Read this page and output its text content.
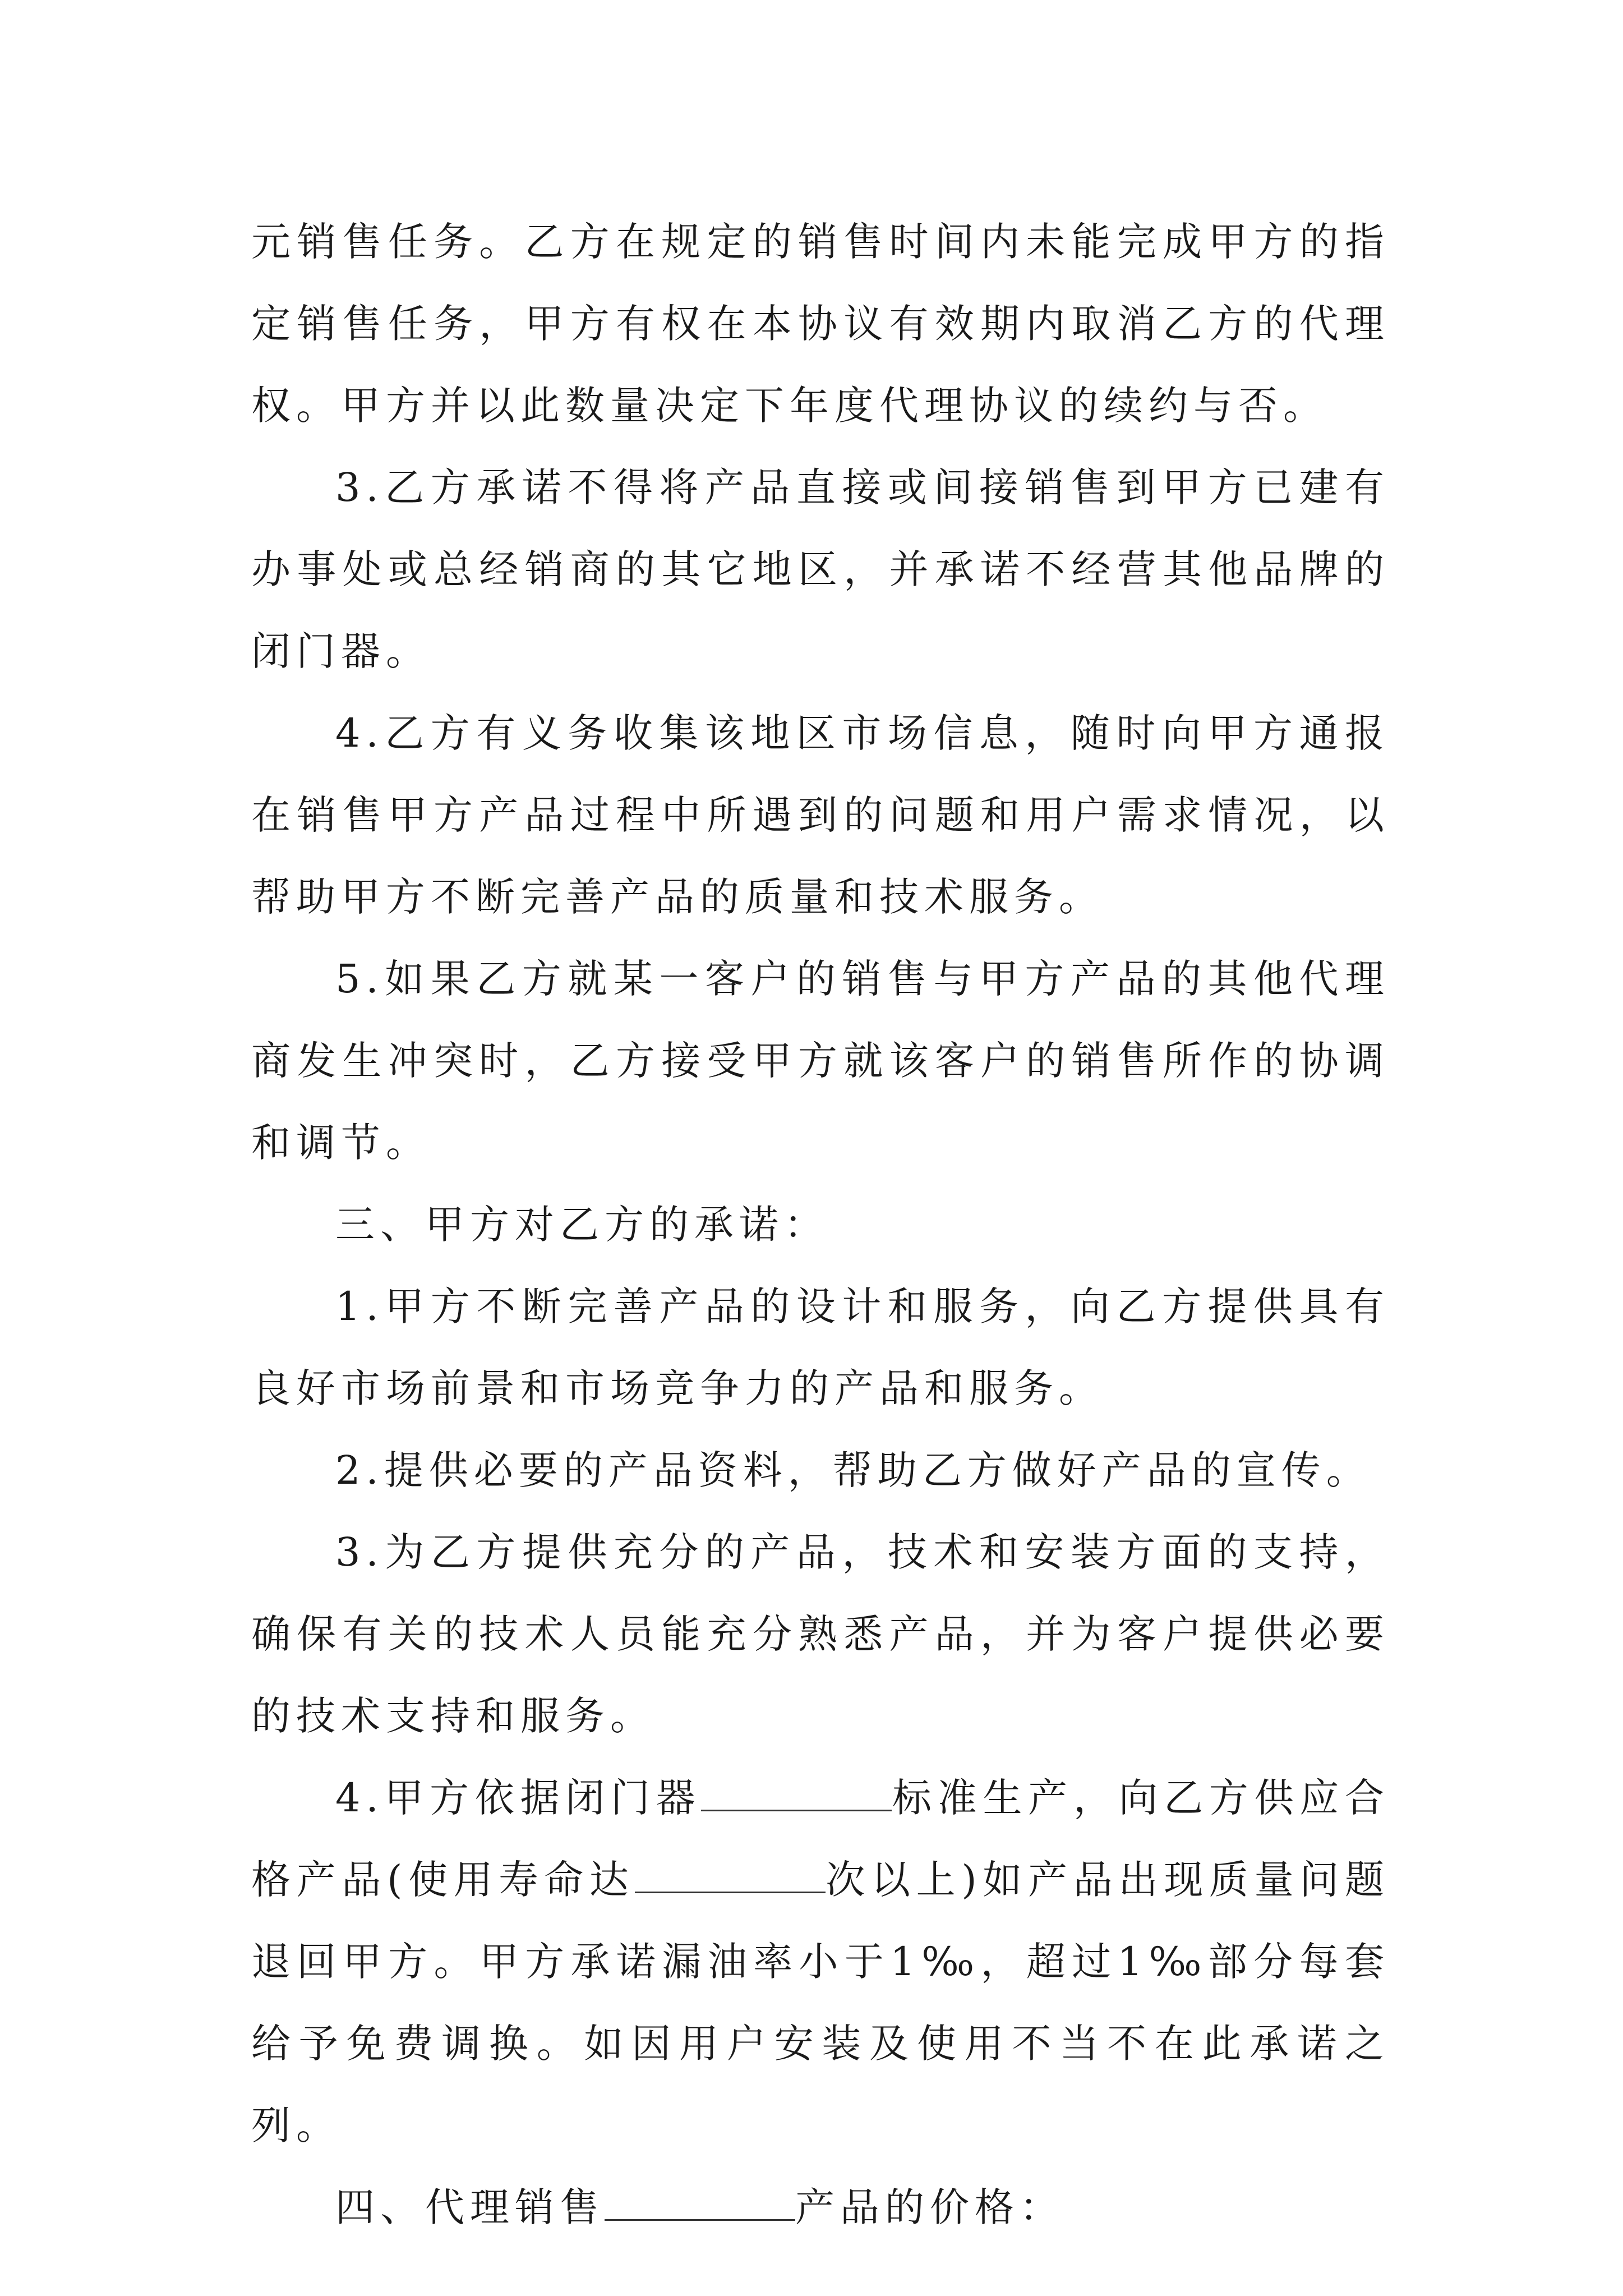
元销售任务。乙方在规定的销售时间内未能完成甲方的指定销售任务，甲方有权在本协议有效期内取消乙方的代理权。甲方并以此数量决定下年度代理协议的续约与否。

3.乙方承诺不得将产品直接或间接销售到甲方已建有办事处或总经销商的其它地区，并承诺不经营其他品牌的闭门器。

4.乙方有义务收集该地区市场信息，随时向甲方通报在销售甲方产品过程中所遇到的问题和用户需求情况，以帮助甲方不断完善产品的质量和技术服务。

5.如果乙方就某一客户的销售与甲方产品的其他代理商发生冲突时，乙方接受甲方就该客户的销售所作的协调和调节。

三、甲方对乙方的承诺：

1.甲方不断完善产品的设计和服务，向乙方提供具有良好市场前景和市场竞争力的产品和服务。

2.提供必要的产品资料，帮助乙方做好产品的宣传。

3.为乙方提供充分的产品，技术和安装方面的支持，确保有关的技术人员能充分熟悉产品，并为客户提供必要的技术支持和服务。

4.甲方依据闭门器	标准生产，向乙方供应合格产品(使用寿命达	次以上)如产品出现质量问题退回甲方。甲方承诺漏油率小于1‰，超过1‰部分每套给予免费调换。如因用户安装及使用不当不在此承诺之列。

四、代理销售	产品的价格：
